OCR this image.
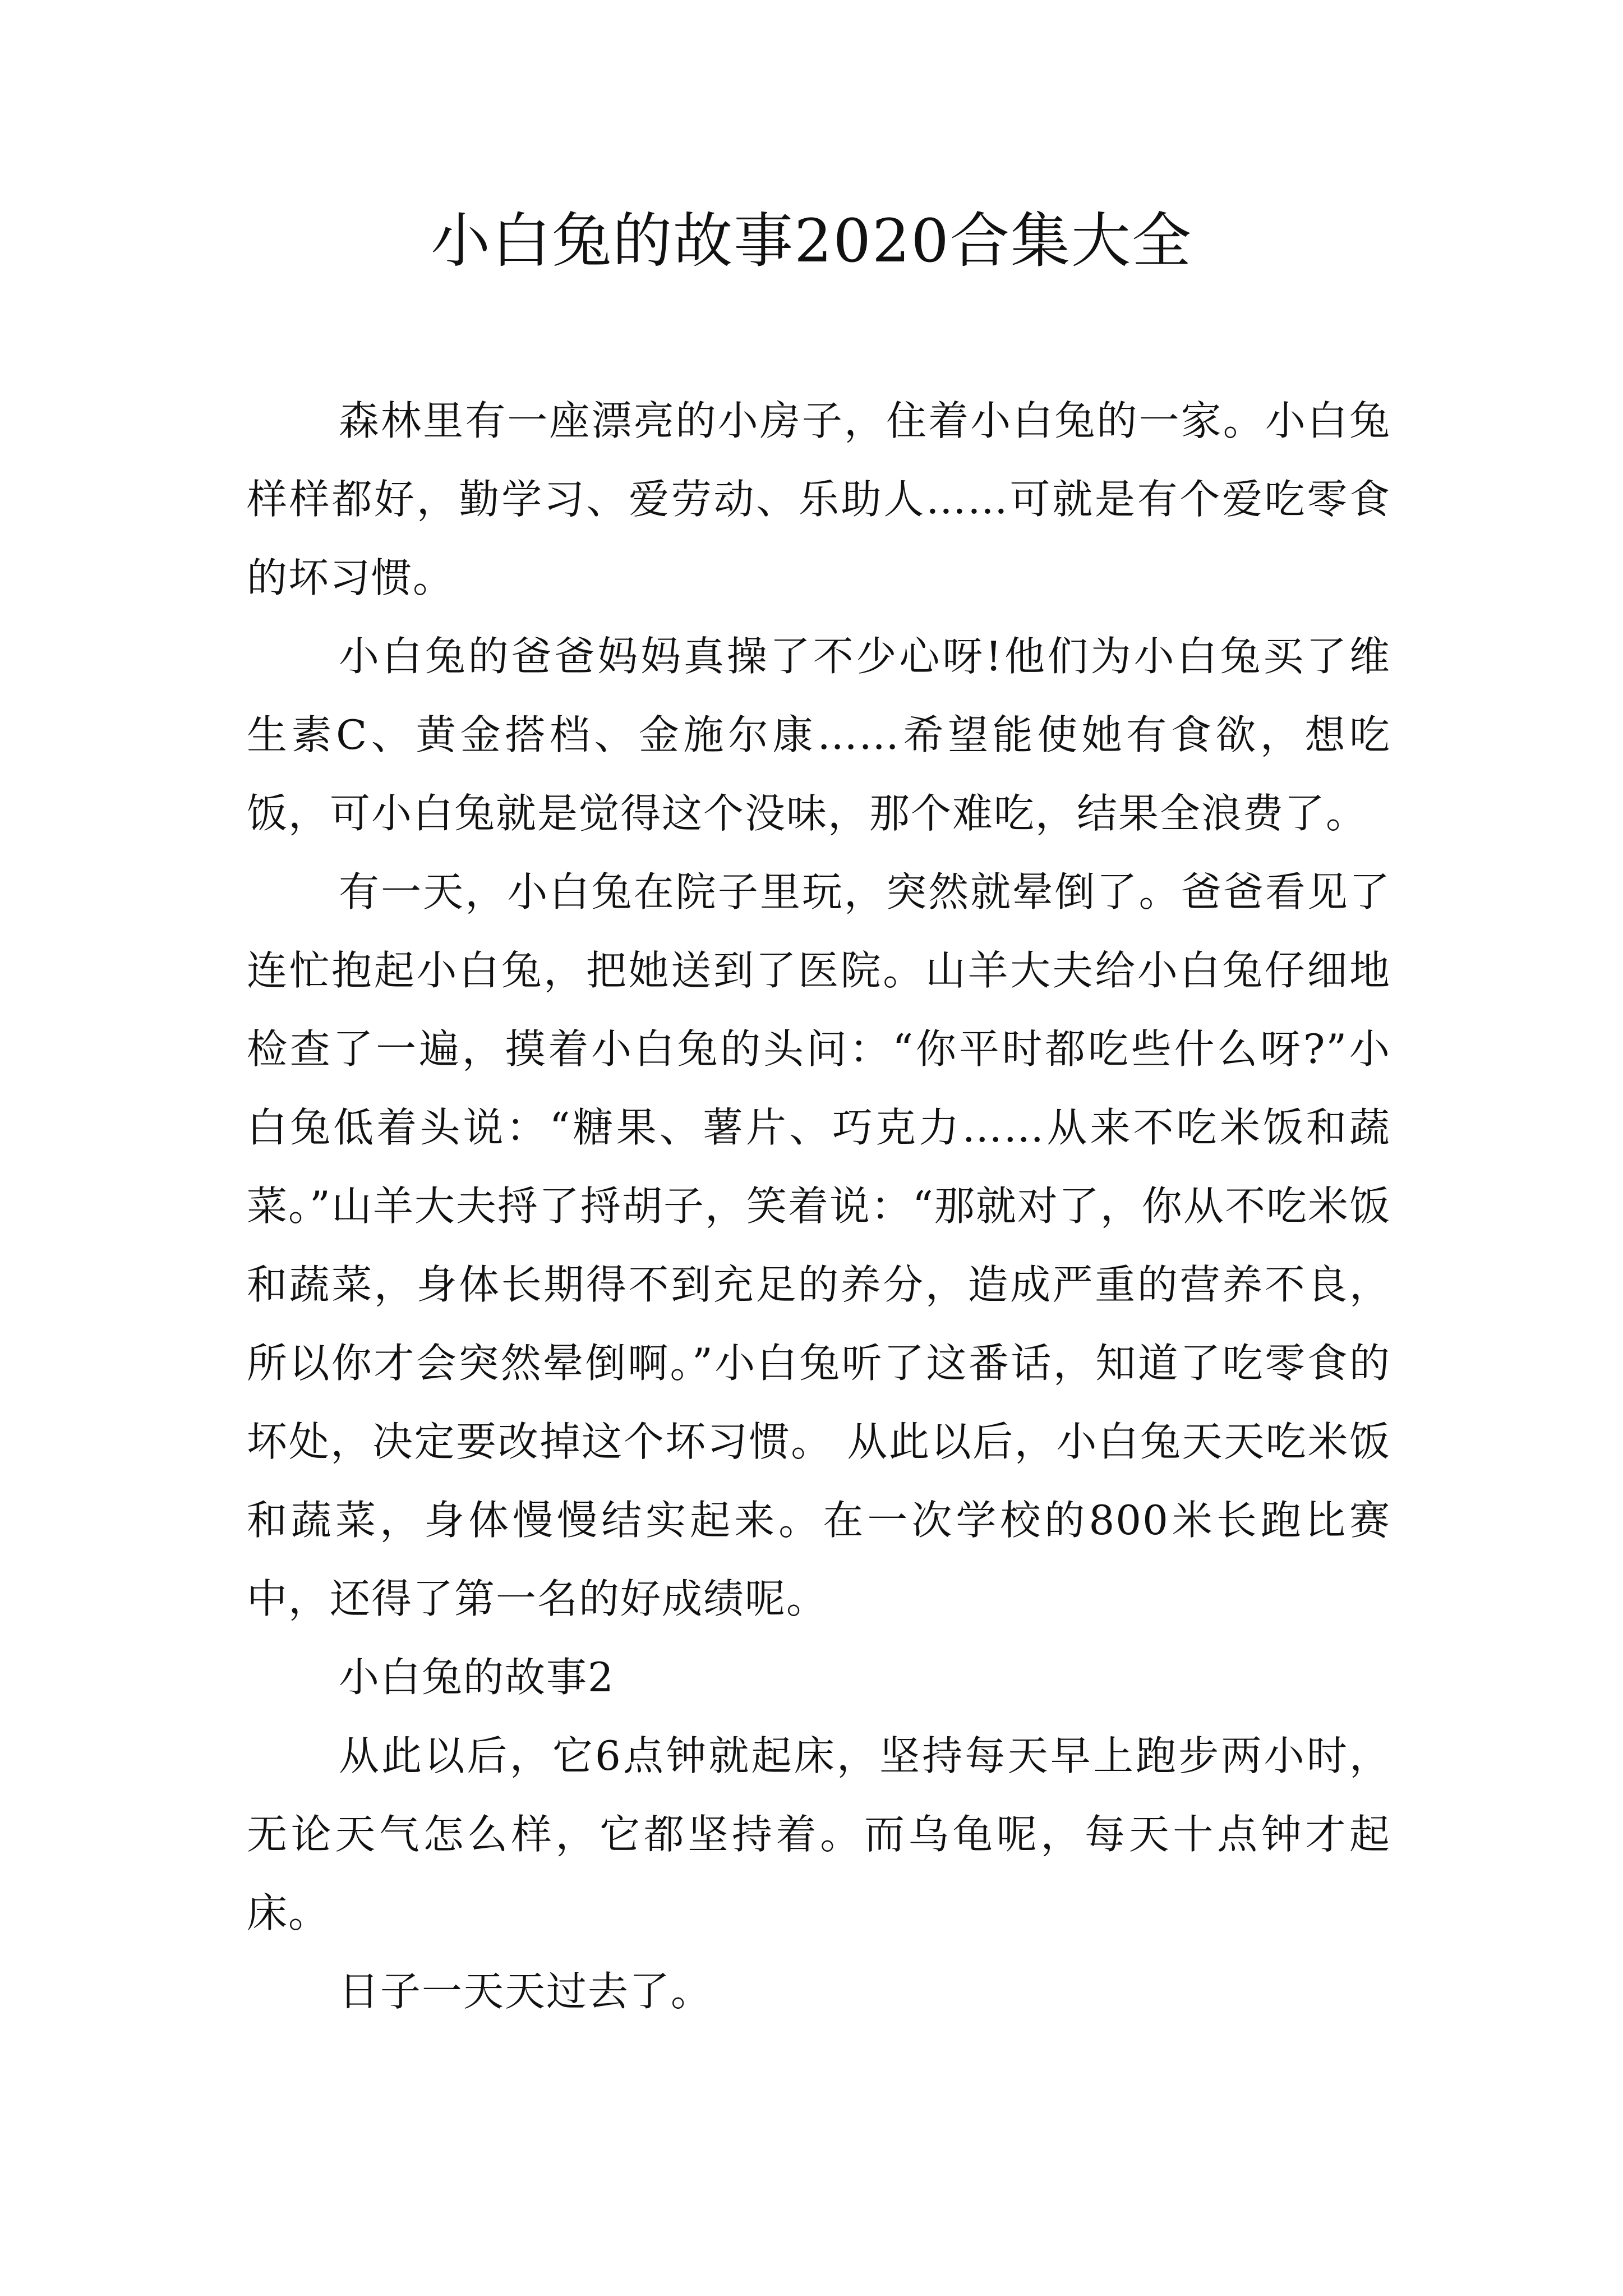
小白兔的故事2020合集大全

森林里有一座漂亮的小房子，住着小白兔的一家。小白兔样样都好，勤学习、爱劳动、乐助人……可就是有个爱吃零食的坏习惯。

小白兔的爸爸妈妈真操了不少心呀!他们为小白兔买了维生素C、黄金搭档、金施尔康……希望能使她有食欲，想吃饭，可小白兔就是觉得这个没味，那个难吃，结果全浪费了。

有一天，小白兔在院子里玩，突然就晕倒了。爸爸看见了连忙抱起小白兔，把她送到了医院。山羊大夫给小白兔仔细地检查了一遍，摸着小白兔的头问：“你平时都吃些什么呀?”小白兔低着头说：“糖果、薯片、巧克力……从来不吃米饭和蔬菜。”山羊大夫捋了捋胡子，笑着说：“那就对了，你从不吃米饭和蔬菜，身体长期得不到充足的养分，造成严重的营养不良，所以你才会突然晕倒啊。”小白兔听了这番话，知道了吃零食的坏处，决定要改掉这个坏习惯。 从此以后，小白兔天天吃米饭和蔬菜，身体慢慢结实起来。在一次学校的800米长跑比赛中，还得了第一名的好成绩呢。

小白兔的故事2

从此以后，它6点钟就起床，坚持每天早上跑步两小时，无论天气怎么样，它都坚持着。而乌龟呢，每天十点钟才起床。

日子一天天过去了。
